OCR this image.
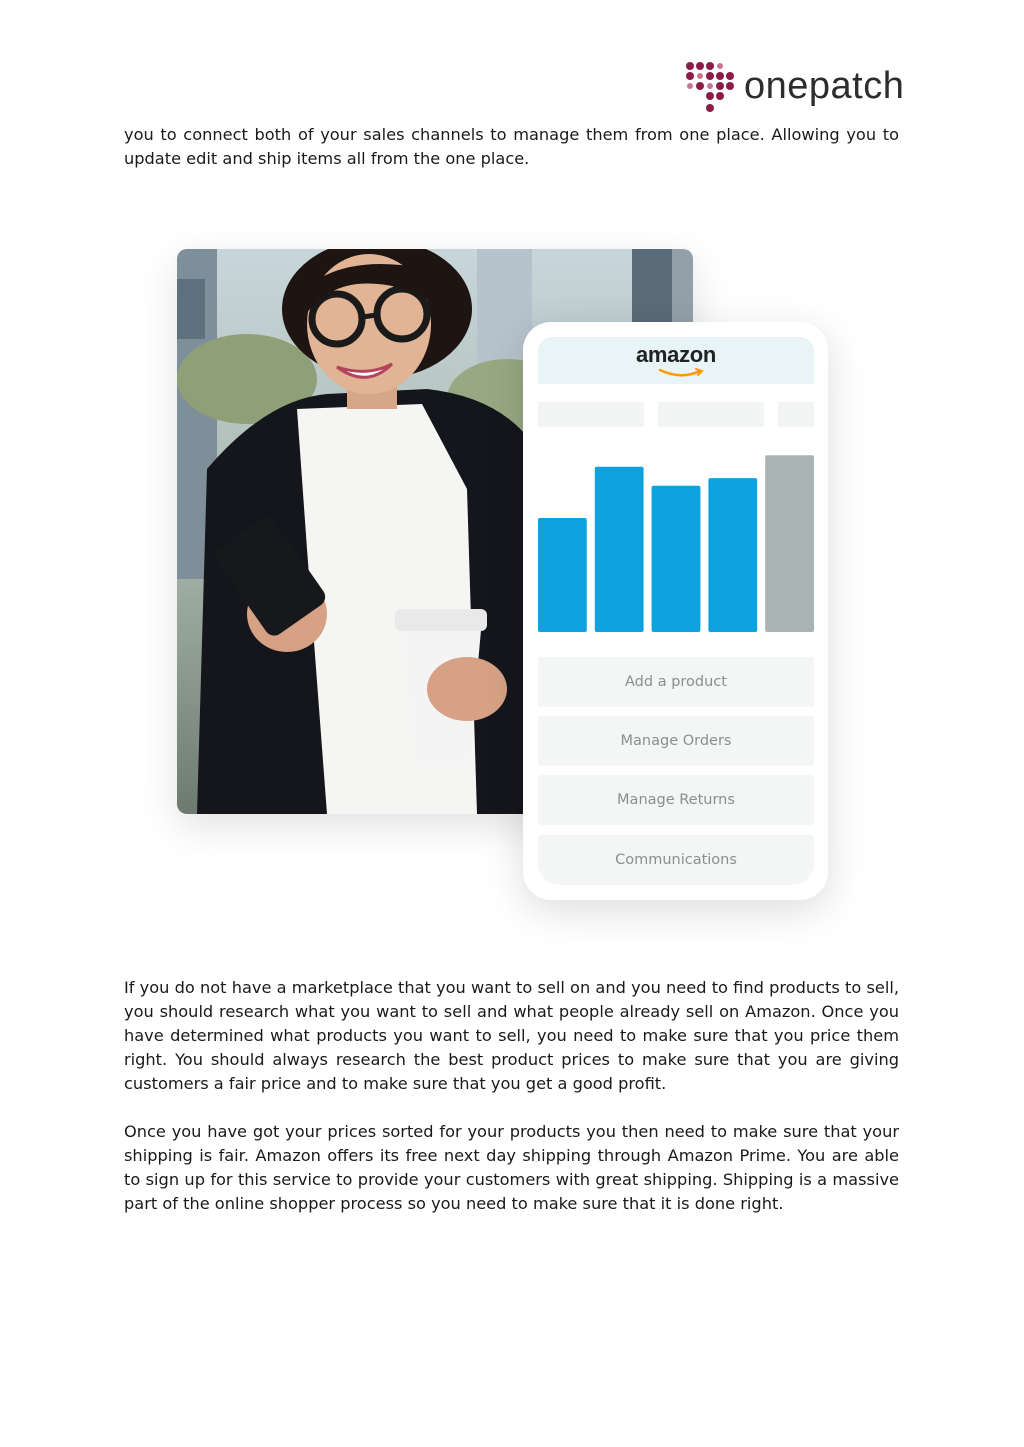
onepatch

you to connect both of your sales channels to manage them from one place. Allowing you to update edit and ship items all from the one place.

amazon
Add a product
Manage Orders
Manage Returns
Communications

If you do not have a marketplace that you want to sell on and you need to find products to sell, you should research what you want to sell and what people already sell on Amazon. Once you have determined what products you want to sell, you need to make sure that you price them right. You should always research the best product prices to make sure that you are giving customers a fair price and to make sure that you get a good profit.

Once you have got your prices sorted for your products you then need to make sure that your shipping is fair. Amazon offers its free next day shipping through Amazon Prime. You are able to sign up for this service to provide your customers with great shipping. Shipping is a massive part of the online shopper process so you need to make sure that it is done right.
